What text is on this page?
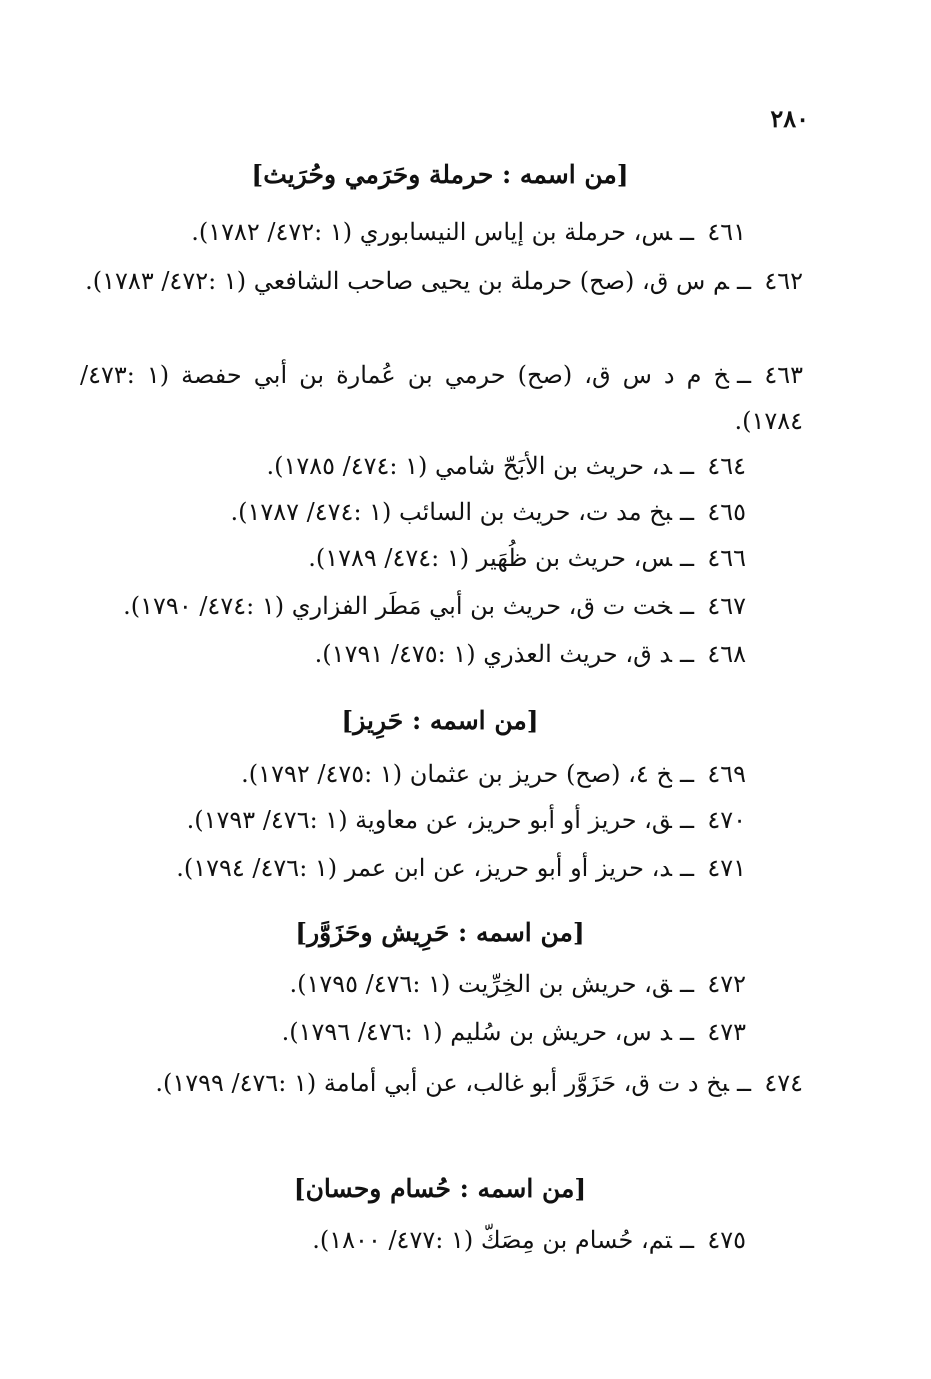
٢٨٠
[من اسمه : حرملة وحَرَمي وحُرَيث]
٤٦١ــس، حرملة بن إياس النيسابوري (١ :٤٧٢/ ١٧٨٢).
٤٦٢ــم س ق، (صح) حرملة بن يحيى صاحب الشافعي (١ :٤٧٢/ ١٧٨٣).
٤٦٣ــخ م د س ق، (صح) حرمي بن عُمارة بن أبي حفصة (١ :٤٧٣/ ١٧٨٤).
٤٦٤ــد، حريث بن الأبَحّ شامي (١ :٤٧٤/ ١٧٨٥).
٤٦٥ــبخ مد ت، حريث بن السائب (١ :٤٧٤/ ١٧٨٧).
٤٦٦ــس، حريث بن ظُهَير (١ :٤٧٤/ ١٧٨٩).
٤٦٧ــخت ت ق، حريث بن أبي مَطَر الفزاري (١ :٤٧٤/ ١٧٩٠).
٤٦٨ــد ق، حريث العذري (١ :٤٧٥/ ١٧٩١).
[من اسمه : حَرِيز]
٤٦٩ــخ ٤، (صح) حريز بن عثمان (١ :٤٧٥/ ١٧٩٢).
٤٧٠ــق، حريز أو أبو حريز، عن معاوية (١ :٤٧٦/ ١٧٩٣).
٤٧١ــد، حريز أو أبو حريز، عن ابن عمر (١ :٤٧٦/ ١٧٩٤).
[من اسمه : حَرِيش وحَزَوَّر]
٤٧٢ــق، حريش بن الخِرِّيت (١ :٤٧٦/ ١٧٩٥).
٤٧٣ــد س، حريش بن سُليم (١ :٤٧٦/ ١٧٩٦).
٤٧٤ــبخ د ت ق، حَزَوَّر أبو غالب، عن أبي أمامة (١ :٤٧٦/ ١٧٩٩).
[من اسمه : حُسام وحسان]
٤٧٥ــتم، حُسام بن مِصَكّ (١ :٤٧٧/ ١٨٠٠).
